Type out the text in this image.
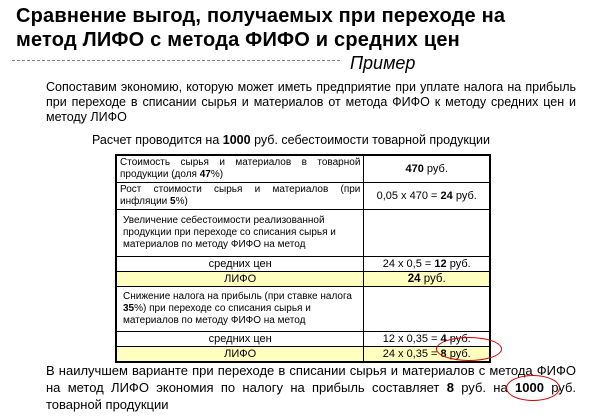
Сравнение выгод, получаемых при переходе на
метод ЛИФО с метода ФИФО и средних цен
Пример
Сопоставим экономию, которую может иметь предприятие при уплате налога на прибыль при переходе в списании сырья и материалов от метода ФИФО к методу средних цен и методу ЛИФО
Расчет проводится на 1000 руб. себестоимости товарной продукции
Стоимость сырья и материалов в товарной продукции (доля 47%)	470 руб.
Рост стоимости сырья и материалов (при инфляции 5%)	0,05 х 470 = 24 руб.
Увеличение себестоимости реализованной продукции при переходе со списания сырья и материалов по методу ФИФО на метод	
средних цен	24 х 0,5 = 12 руб.
ЛИФО	24 руб.
Снижение налога на прибыль (при ставке налога 35%) при переходе со списания сырья и материалов по методу ФИФО на метод	
средних цен	12 х 0,35 = 4 руб.
ЛИФО	24 х 0,35 = 8 руб.
В наилучшем варианте при переходе в списании сырья и материалов с метода ФИФО на метод ЛИФО экономия по налогу на прибыль составляет 8 руб. на 1000 руб. товарной продукции
